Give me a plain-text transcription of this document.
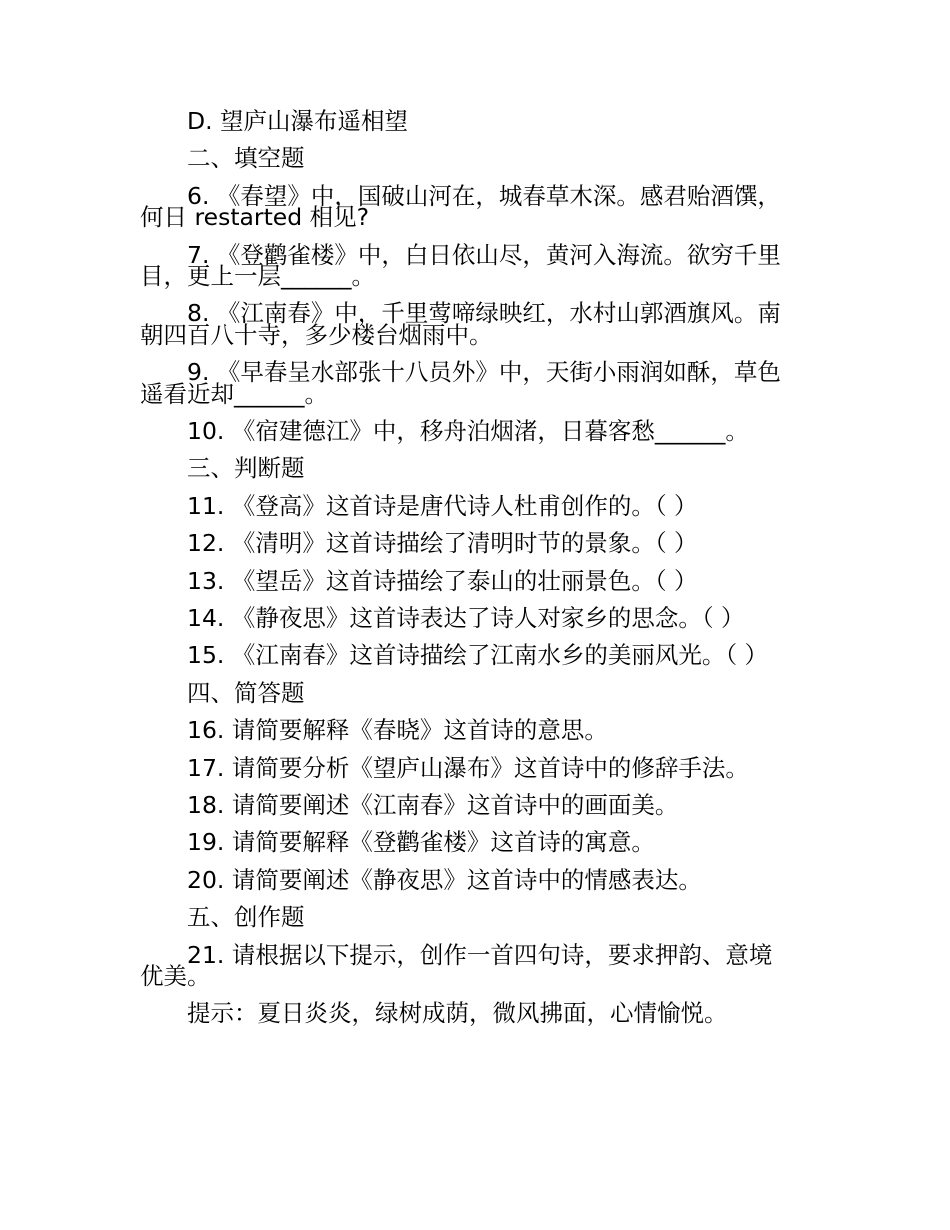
D. 望庐山瀑布遥相望
二、填空题
6. 《春望》中，国破山河在，城春草木深。感君贻酒馔，
何日 restarted 相见?
7. 《登鹳雀楼》中，白日依山尽，黄河入海流。欲穷千里
目，更上一层______。
8. 《江南春》中，千里莺啼绿映红，水村山郭酒旗风。南
朝四百八十寺，多少楼台烟雨中。
9. 《早春呈水部张十八员外》中，天街小雨润如酥，草色
遥看近却______。
10. 《宿建德江》中，移舟泊烟渚，日暮客愁______。
三、判断题
11. 《登高》这首诗是唐代诗人杜甫创作的。（ ）
12. 《清明》这首诗描绘了清明时节的景象。（ ）
13. 《望岳》这首诗描绘了泰山的壮丽景色。（ ）
14. 《静夜思》这首诗表达了诗人对家乡的思念。（ ）
15. 《江南春》这首诗描绘了江南水乡的美丽风光。（ ）
四、简答题
16. 请简要解释《春晓》这首诗的意思。
17. 请简要分析《望庐山瀑布》这首诗中的修辞手法。
18. 请简要阐述《江南春》这首诗中的画面美。
19. 请简要解释《登鹳雀楼》这首诗的寓意。
20. 请简要阐述《静夜思》这首诗中的情感表达。
五、创作题
21. 请根据以下提示，创作一首四句诗，要求押韵、意境
优美。
提示：夏日炎炎，绿树成荫，微风拂面，心情愉悦。
